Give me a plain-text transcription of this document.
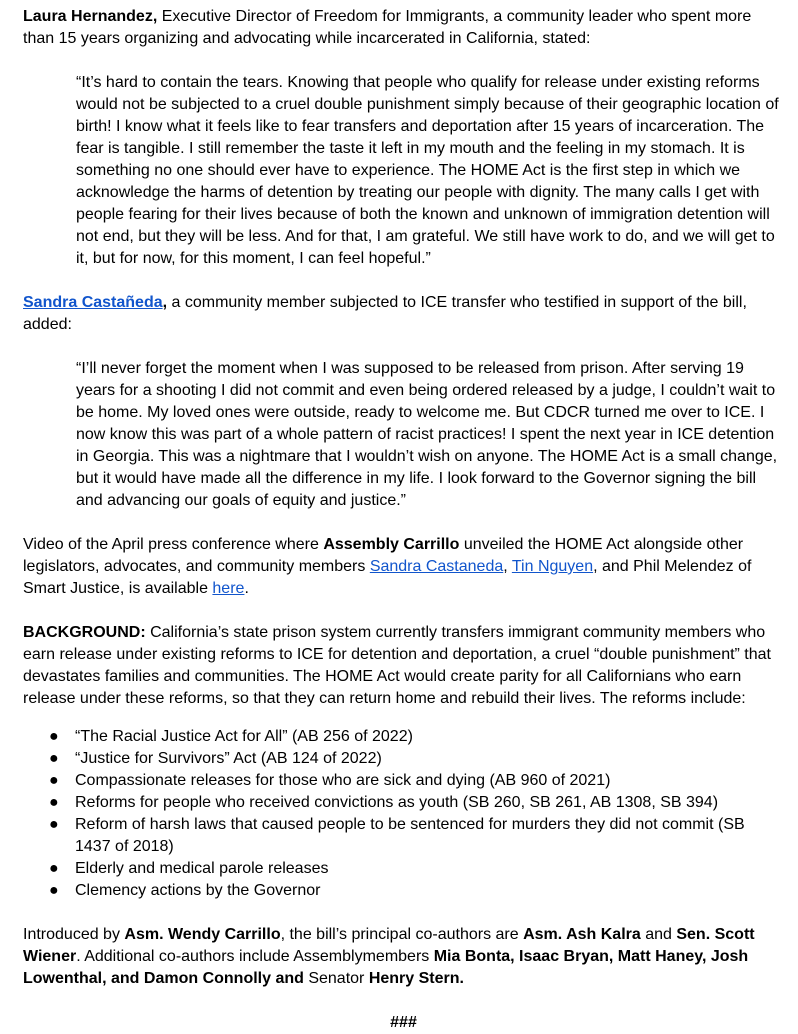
Laura Hernandez, Executive Director of Freedom for Immigrants, a community leader who spent more than 15 years organizing and advocating while incarcerated in California, stated:

“It’s hard to contain the tears. Knowing that people who qualify for release under existing reforms would not be subjected to a cruel double punishment simply because of their geographic location of birth! I know what it feels like to fear transfers and deportation after 15 years of incarceration. The fear is tangible. I still remember the taste it left in my mouth and the feeling in my stomach. It is something no one should ever have to experience. The HOME Act is the first step in which we acknowledge the harms of detention by treating our people with dignity. The many calls I get with people fearing for their lives because of both the known and unknown of immigration detention will not end, but they will be less. And for that, I am grateful. We still have work to do, and we will get to it, but for now, for this moment, I can feel hopeful.”

Sandra Castañeda, a community member subjected to ICE transfer who testified in support of the bill, added:

“I’ll never forget the moment when I was supposed to be released from prison. After serving 19 years for a shooting I did not commit and even being ordered released by a judge, I couldn’t wait to be home. My loved ones were outside, ready to welcome me. But CDCR turned me over to ICE. I now know this was part of a whole pattern of racist practices! I spent the next year in ICE detention in Georgia. This was a nightmare that I wouldn’t wish on anyone. The HOME Act is a small change, but it would have made all the difference in my life. I look forward to the Governor signing the bill and advancing our goals of equity and justice.”

Video of the April press conference where Assembly Carrillo unveiled the HOME Act alongside other legislators, advocates, and community members Sandra Castaneda, Tin Nguyen, and Phil Melendez of Smart Justice, is available here.

BACKGROUND: California’s state prison system currently transfers immigrant community members who earn release under existing reforms to ICE for detention and deportation, a cruel “double punishment” that devastates families and communities. The HOME Act would create parity for all Californians who earn release under these reforms, so that they can return home and rebuild their lives. The reforms include:

● “The Racial Justice Act for All” (AB 256 of 2022)
● “Justice for Survivors” Act (AB 124 of 2022)
● Compassionate releases for those who are sick and dying (AB 960 of 2021)
● Reforms for people who received convictions as youth (SB 260, SB 261, AB 1308, SB 394)
● Reform of harsh laws that caused people to be sentenced for murders they did not commit (SB 1437 of 2018)
● Elderly and medical parole releases
● Clemency actions by the Governor

Introduced by Asm. Wendy Carrillo, the bill’s principal co-authors are Asm. Ash Kalra and Sen. Scott Wiener. Additional co-authors include Assemblymembers Mia Bonta, Isaac Bryan, Matt Haney, Josh Lowenthal, and Damon Connolly and Senator Henry Stern.

###
